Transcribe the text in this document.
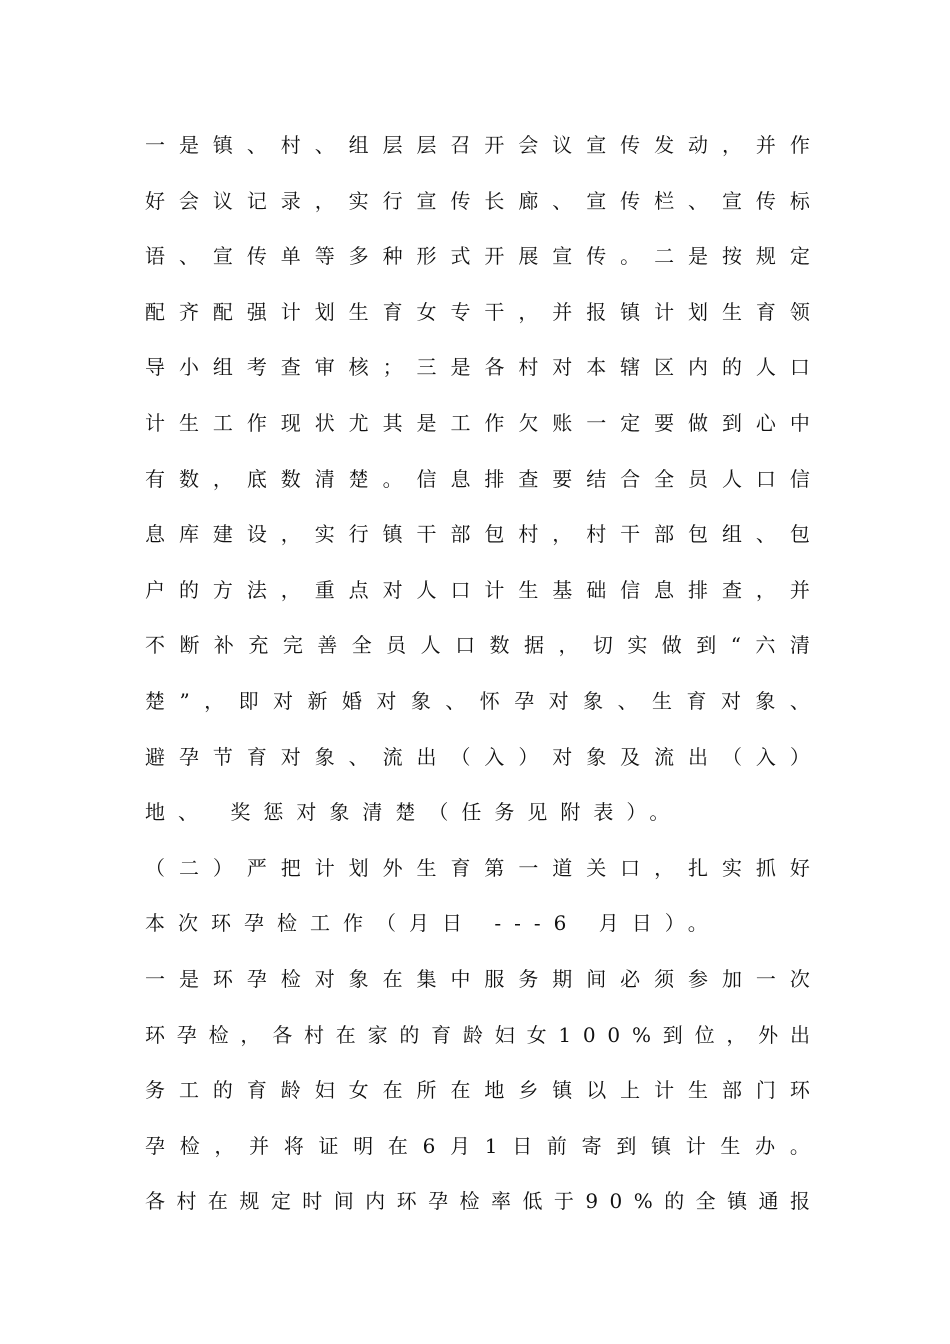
一 是 镇 、 村 、 组 层 层 召 开 会 议 宣 传 发 动 ， 并 作
好 会 议 记 录 ， 实 行 宣 传 长 廊 、 宣 传 栏 、 宣 传 标
语 、 宣 传 单 等 多 种 形 式 开 展 宣 传 。 二 是 按 规 定
配 齐 配 强 计 划 生 育 女 专 干 ， 并 报 镇 计 划 生 育 领
导 小 组 考 查 审 核 ； 三 是 各 村 对 本 辖 区 内 的 人 口
计 生 工 作 现 状 尤 其 是 工 作 欠 账 一 定 要 做 到 心 中
有 数 ， 底 数 清 楚 。 信 息 排 查 要 结 合 全 员 人 口 信
息 库 建 设 ， 实 行 镇 干 部 包 村 ， 村 干 部 包 组 、 包
户 的 方 法 ， 重 点 对 人 口 计 生 基 础 信 息 排 查 ， 并
不 断 补 充 完 善 全 员 人 口 数 据 ， 切 实 做 到 “ 六 清
楚 ” ， 即 对 新 婚 对 象 、 怀 孕 对 象 、 生 育 对 象 、
避 孕 节 育 对 象 、 流 出 （ 入 ） 对 象 及 流 出 （ 入 ）
地、 奖惩对象清楚（任务见附表）。
（ 二 ） 严 把 计 划 外 生 育 第 一 道 关 口 ， 扎 实 抓 好
本次环孕检工作（月日 ---6 月日）。
一 是 环 孕 检 对 象 在 集 中 服 务 期 间 必 须 参 加 一 次
环 孕 检 ， 各 村 在 家 的 育 龄 妇 女 1 0 0 % 到 位 ， 外 出
务 工 的 育 龄 妇 女 在 所 在 地 乡 镇 以 上 计 生 部 门 环
孕 检 ， 并 将 证 明 在 6 月 1 日 前 寄 到 镇 计 生 办 。
各 村 在 规 定 时 间 内 环 孕 检 率 低 于 9 0 % 的 全 镇 通 报
